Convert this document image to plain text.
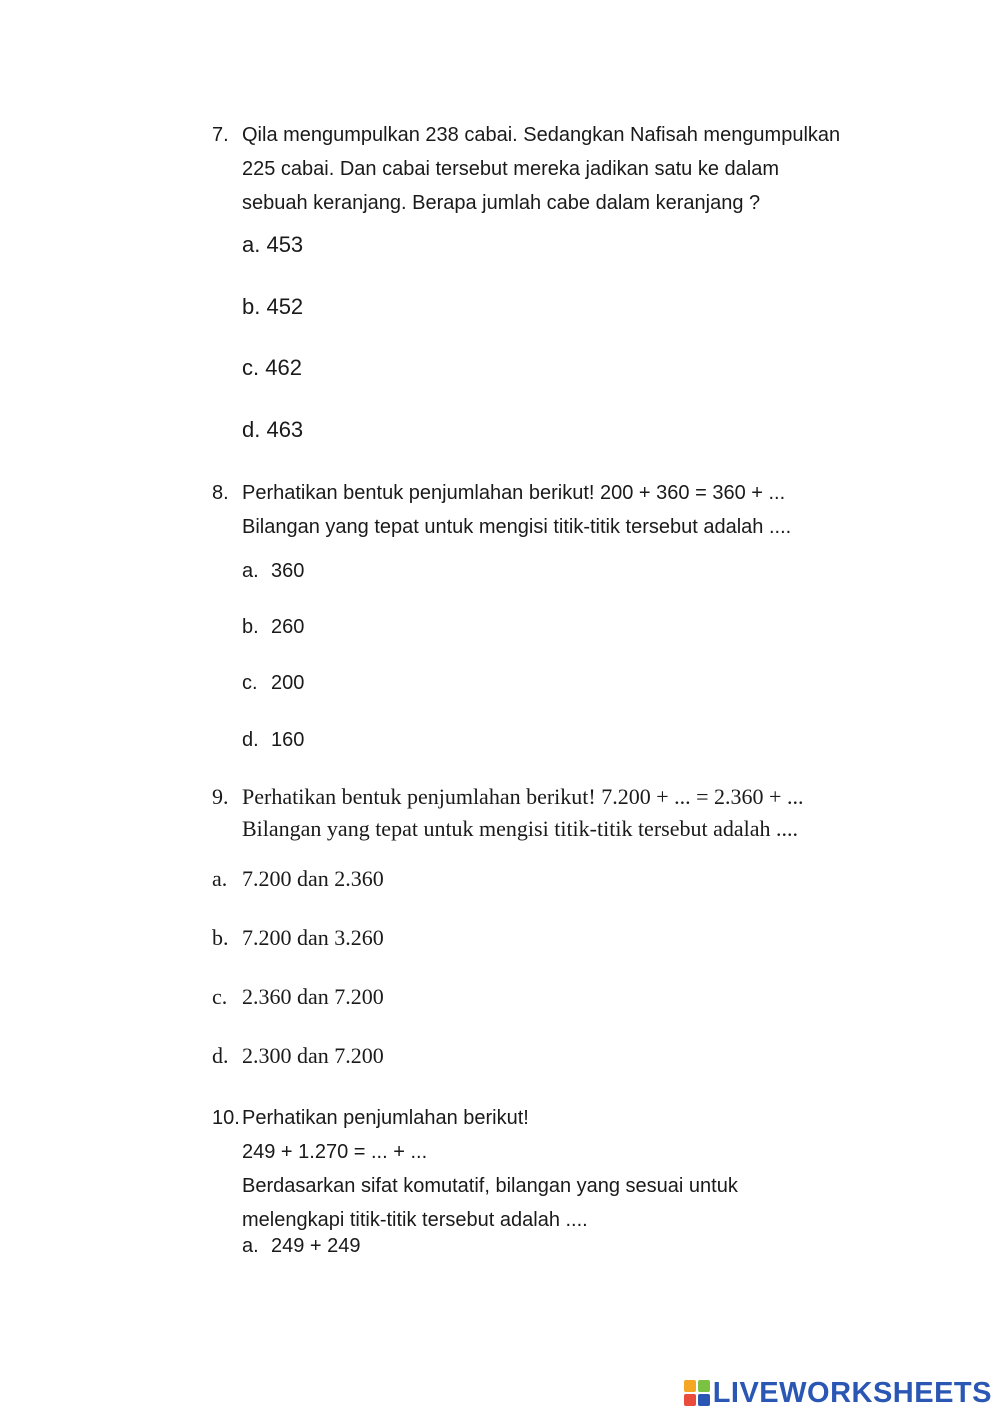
7. Qila mengumpulkan 238 cabai. Sedangkan Nafisah mengumpulkan
225 cabai. Dan cabai tersebut mereka jadikan satu ke dalam
sebuah keranjang. Berapa jumlah cabe dalam keranjang ?
a. 453
b. 452
c. 462
d. 463
8. Perhatikan bentuk penjumlahan berikut! 200 + 360 = 360 + ...
Bilangan yang tepat untuk mengisi titik-titik tersebut adalah ....
a. 360
b. 260
c. 200
d. 160
9. Perhatikan bentuk penjumlahan berikut! 7.200 + ... = 2.360 + ...
Bilangan yang tepat untuk mengisi titik-titik tersebut adalah ....
a. 7.200 dan 2.360
b. 7.200 dan 3.260
c. 2.360 dan 7.200
d. 2.300 dan 7.200
10. Perhatikan penjumlahan berikut!
249 + 1.270 = ... + ...
Berdasarkan sifat komutatif, bilangan yang sesuai untuk
melengkapi titik-titik tersebut adalah ....
a. 249 + 249
LIVEWORKSHEETS
